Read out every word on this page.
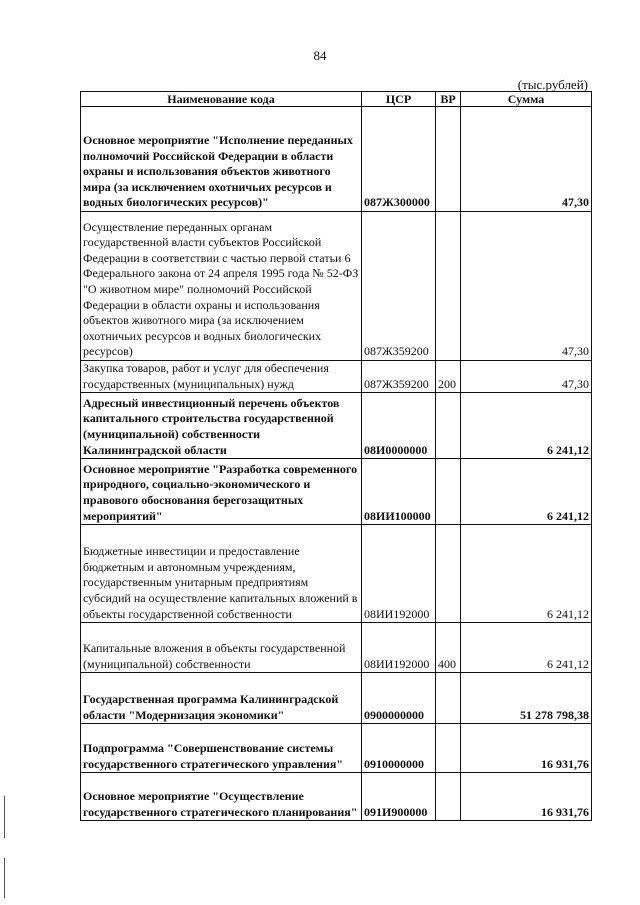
84
(тыс.рублей)
Наименование кода	ЦСР	ВР	Сумма
Основное мероприятие "Исполнение переданных полномочий Российской Федерации в области охраны и использования объектов животного мира (за исключением охотничьих ресурсов и водных биологических ресурсов)"	087Ж300000		47,30
Осуществление переданных органам государственной власти субъектов Российской Федерации в соответствии с частью первой статьи 6 Федерального закона от 24 апреля 1995 года № 52-ФЗ "О животном мире" полномочий Российской Федерации в области охраны и использования объектов животного мира (за исключением охотничьих ресурсов и водных биологических ресурсов)	087Ж359200		47,30
Закупка товаров, работ и услуг для обеспечения государственных (муниципальных) нужд	087Ж359200	200	47,30
Адресный инвестиционный перечень объектов капитального строительства государственной (муниципальной) собственности Калининградской области	08И0000000		6 241,12
Основное мероприятие "Разработка современного природного, социально-экономического и правового обоснования берегозащитных мероприятий"	08ИИ100000		6 241,12
Бюджетные инвестиции и предоставление бюджетным и автономным учреждениям, государственным унитарным предприятиям субсидий на осуществление капитальных вложений в объекты государственной собственности	08ИИ192000		6 241,12
Капитальные вложения в объекты государственной (муниципальной) собственности	08ИИ192000	400	6 241,12
Государственная программа Калининградской области "Модернизация экономики"	0900000000		51 278 798,38
Подпрограмма "Совершенствование системы государственного стратегического управления"	0910000000		16 931,76
Основное мероприятие "Осуществление государственного стратегического планирования"	091И900000		16 931,76
